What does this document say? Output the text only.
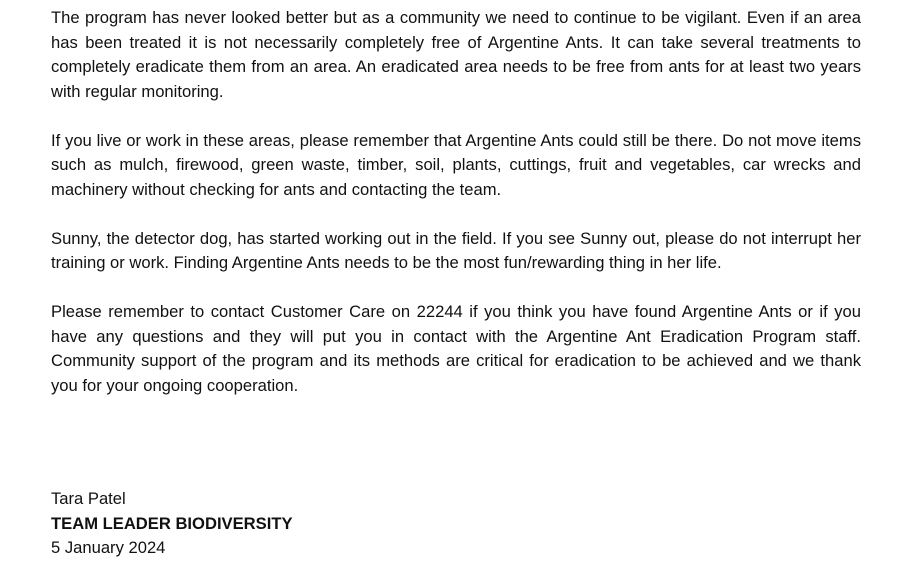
The program has never looked better but as a community we need to continue to be vigilant. Even if an area has been treated it is not necessarily completely free of Argentine Ants. It can take several treatments to completely eradicate them from an area. An eradicated area needs to be free from ants for at least two years with regular monitoring.

If you live or work in these areas, please remember that Argentine Ants could still be there. Do not move items such as mulch, firewood, green waste, timber, soil, plants, cuttings, fruit and vegetables, car wrecks and machinery without checking for ants and contacting the team.

Sunny, the detector dog, has started working out in the field. If you see Sunny out, please do not interrupt her training or work. Finding Argentine Ants needs to be the most fun/rewarding thing in her life.

Please remember to contact Customer Care on 22244 if you think you have found Argentine Ants or if you have any questions and they will put you in contact with the Argentine Ant Eradication Program staff. Community support of the program and its methods are critical for eradication to be achieved and we thank you for your ongoing cooperation.

Tara Patel
TEAM LEADER BIODIVERSITY
5 January 2024
